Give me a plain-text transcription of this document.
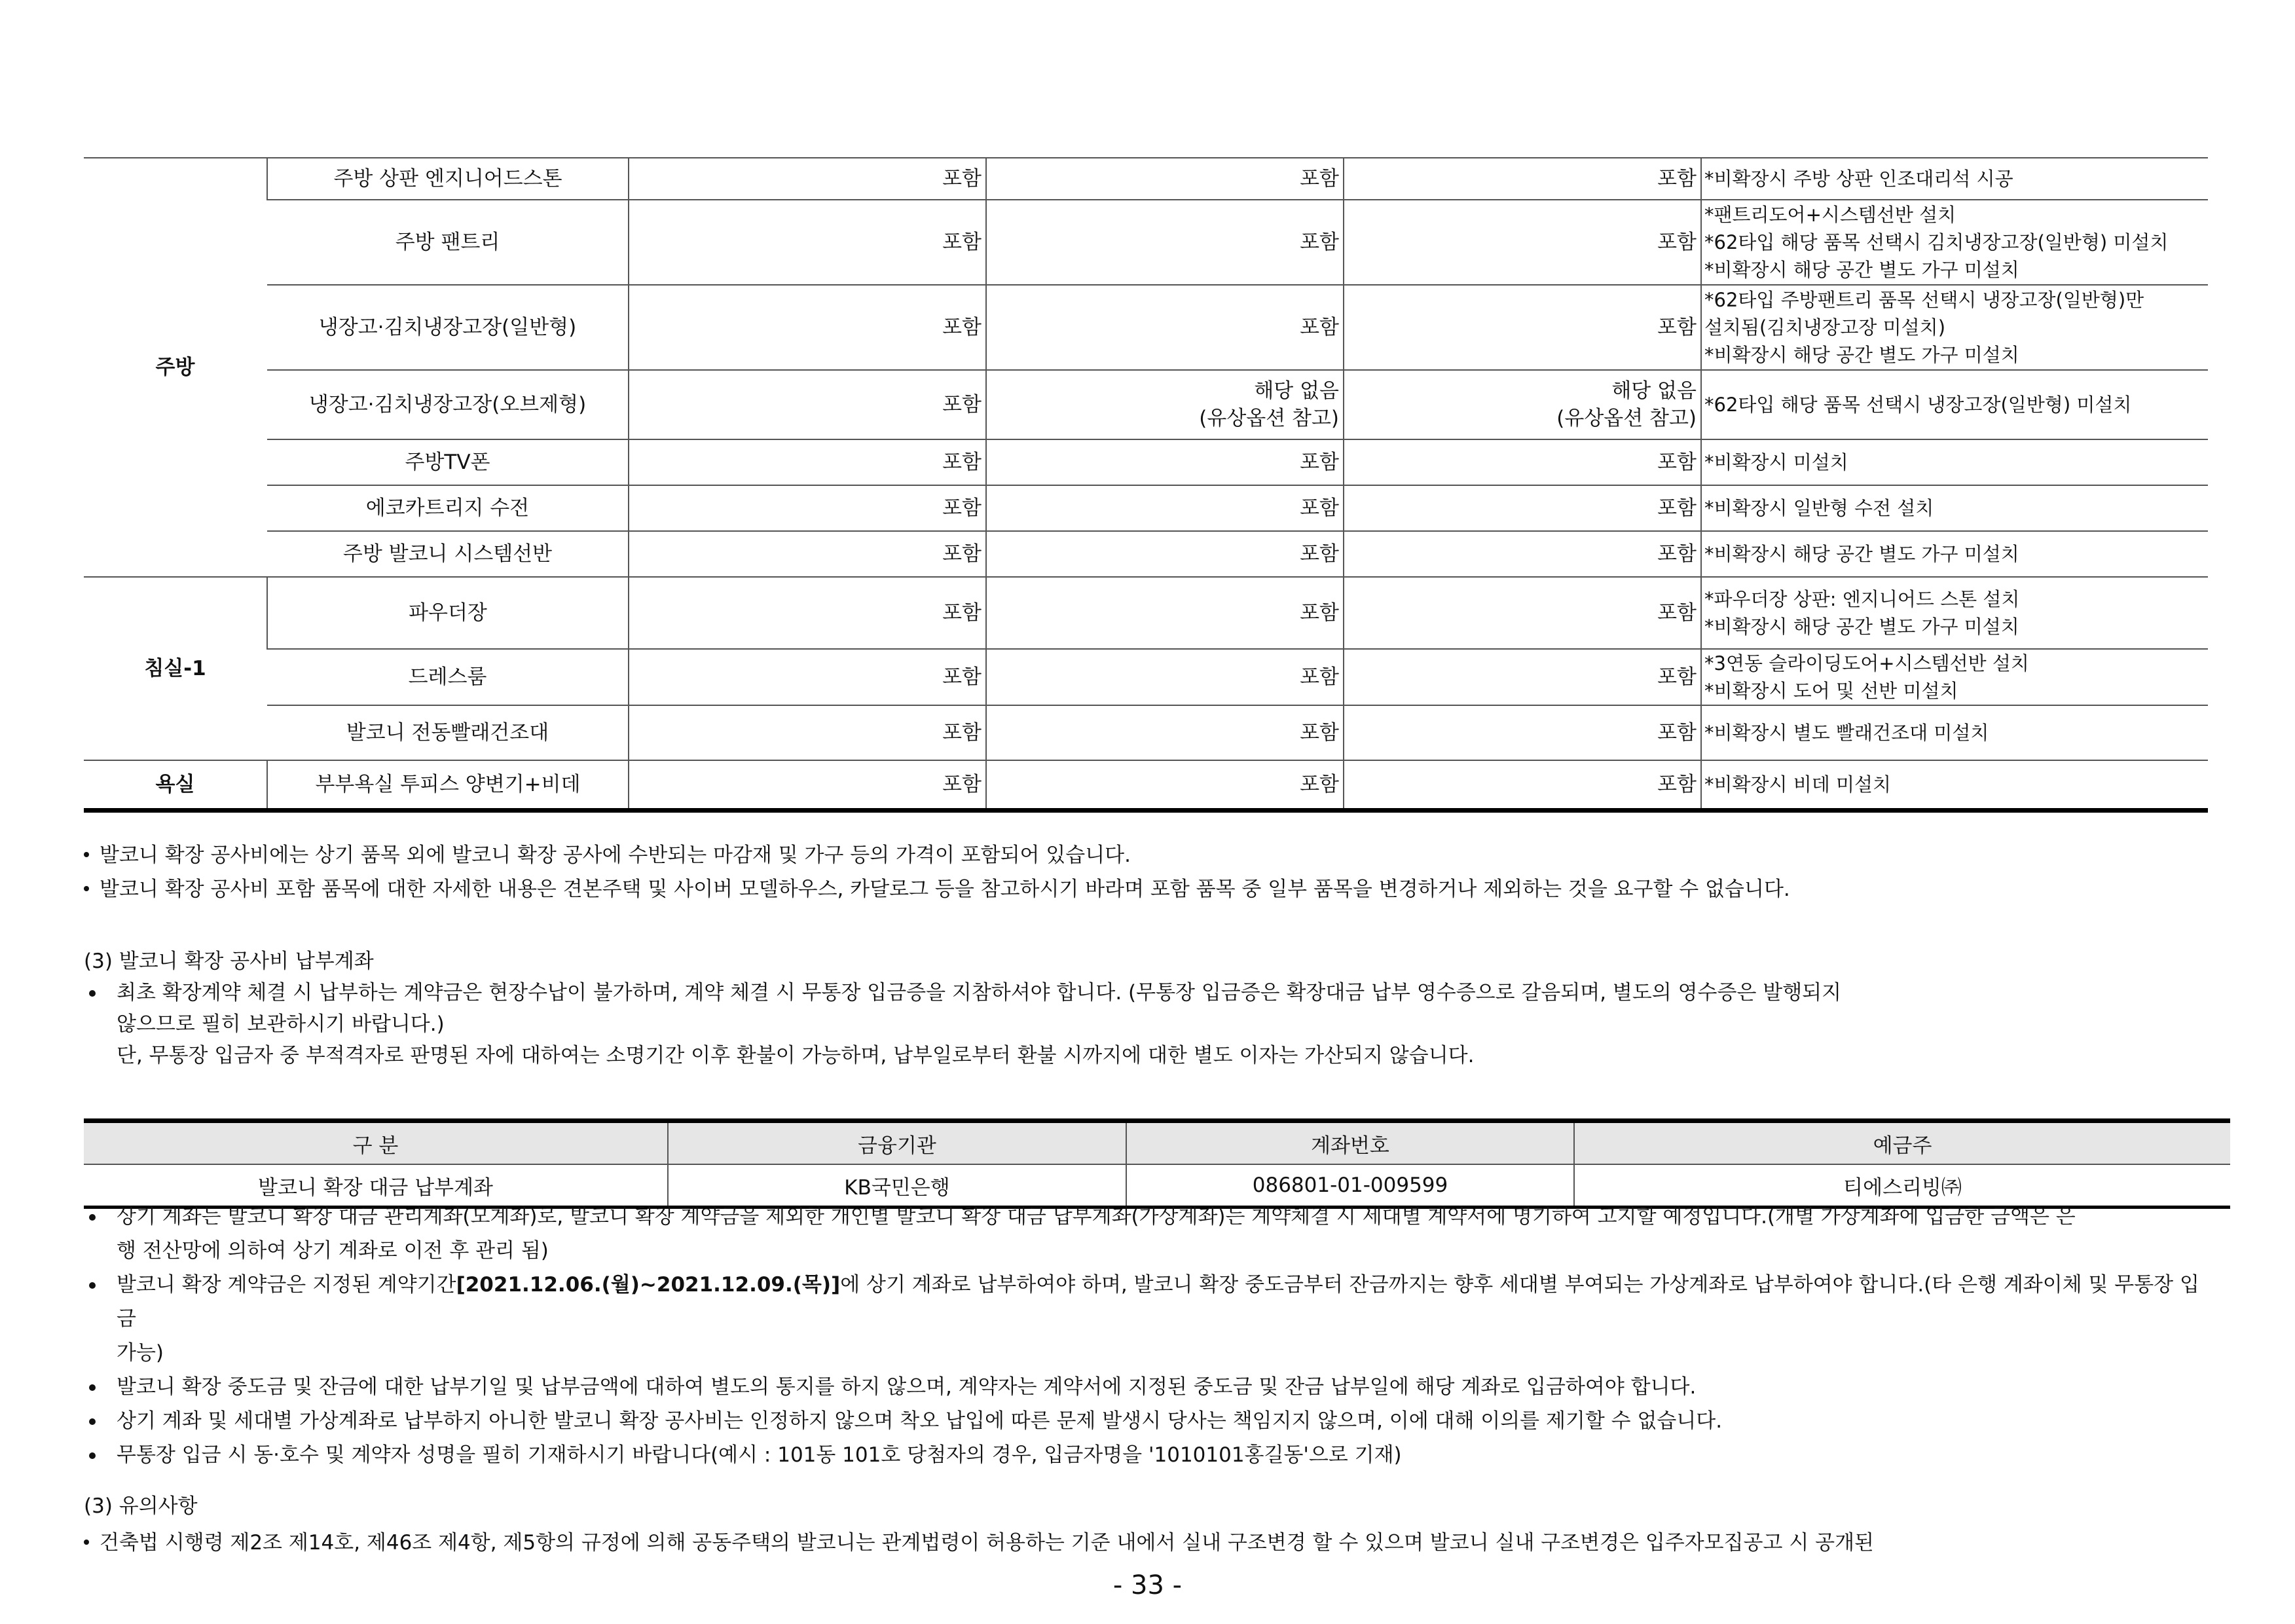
주방	주방 상판 엔지니어드스톤	포함	포함	포함	*비확장시 주방 상판 인조대리석 시공

	주방 팬트리	포함	포함	포함	*팬트리도어+시스템선반 설치
*62타입 해당 품목 선택시 김치냉장고장(일반형) 미설치
*비확장시 해당 공간 별도 가구 미설치

	냉장고·김치냉장고장(일반형)	포함	포함	포함	*62타입 주방팬트리 품목 선택시 냉장고장(일반형)만
설치됨(김치냉장고장 미설치)
*비확장시 해당 공간 별도 가구 미설치

	냉장고·김치냉장고장(오브제형)	포함	해당 없음
(유상옵션 참고)	해당 없음
(유상옵션 참고)	*62타입 해당 품목 선택시 냉장고장(일반형) 미설치

	주방TV폰	포함	포함	포함	*비확장시 미설치

	에코카트리지 수전	포함	포함	포함	*비확장시 일반형 수전 설치

	주방 발코니 시스템선반	포함	포함	포함	*비확장시 해당 공간 별도 가구 미설치

침실-1	파우더장	포함	포함	포함	*파우더장 상판: 엔지니어드 스톤 설치
*비확장시 해당 공간 별도 가구 미설치

	드레스룸	포함	포함	포함	*3연동 슬라이딩도어+시스템선반 설치
*비확장시 도어 및 선반 미설치

	발코니 전동빨래건조대	포함	포함	포함	*비확장시 별도 빨래건조대 미설치

욕실	부부욕실 투피스 양변기+비데	포함	포함	포함	*비확장시 비데 미설치
발코니 확장 공사비에는 상기 품목 외에 발코니 확장 공사에 수반되는 마감재 및 가구 등의 가격이 포함되어 있습니다.
발코니 확장 공사비 포함 품목에 대한 자세한 내용은 견본주택 및 사이버 모델하우스, 카달로그 등을 참고하시기 바라며 포함 품목 중 일부 품목을 변경하거나 제외하는 것을 요구할 수 없습니다.
(3) 발코니 확장 공사비 납부계좌
최초 확장계약 체결 시 납부하는 계약금은 현장수납이 불가하며, 계약 체결 시 무통장 입금증을 지참하셔야 합니다. (무통장 입금증은 확장대금 납부 영수증으로 갈음되며, 별도의 영수증은 발행되지
않으므로 필히 보관하시기 바랍니다.)
단, 무통장 입금자 중 부적격자로 판명된 자에 대하여는 소명기간 이후 환불이 가능하며, 납부일로부터 환불 시까지에 대한 별도 이자는 가산되지 않습니다.
구 분	금융기관	계좌번호	예금주
발코니 확장 대금 납부계좌	KB국민은행	086801-01-009599	티에스리빙㈜
상기 계좌는 발코니 확장 대금 관리계좌(모계좌)로, 발코니 확장 계약금을 제외한 개인별 발코니 확장 대금 납부계좌(가상계좌)는 계약체결 시 세대별 계약서에 명기하여 고지할 예정입니다.(개별 가상계좌에 입금한 금액은 은
행 전산망에 의하여 상기 계좌로 이전 후 관리 됨)
발코니 확장 계약금은 지정된 계약기간[2021.12.06.(월)~2021.12.09.(목)]에 상기 계좌로 납부하여야 하며, 발코니 확장 중도금부터 잔금까지는 향후 세대별 부여되는 가상계좌로 납부하여야 합니다.(타 은행 계좌이체 및 무통장 입금
가능)
발코니 확장 중도금 및 잔금에 대한 납부기일 및 납부금액에 대하여 별도의 통지를 하지 않으며, 계약자는 계약서에 지정된 중도금 및 잔금 납부일에 해당 계좌로 입금하여야 합니다.
상기 계좌 및 세대별 가상계좌로 납부하지 아니한 발코니 확장 공사비는 인정하지 않으며 착오 납입에 따른 문제 발생시 당사는 책임지지 않으며, 이에 대해 이의를 제기할 수 없습니다.
무통장 입금 시 동·호수 및 계약자 성명을 필히 기재하시기 바랍니다(예시 : 101동 101호 당첨자의 경우, 입금자명을 '1010101홍길동'으로 기재)
(3) 유의사항
건축법 시행령 제2조 제14호, 제46조 제4항, 제5항의 규정에 의해 공동주택의 발코니는 관계법령이 허용하는 기준 내에서 실내 구조변경 할 수 있으며 발코니 실내 구조변경은 입주자모집공고 시 공개된
- 33 -
